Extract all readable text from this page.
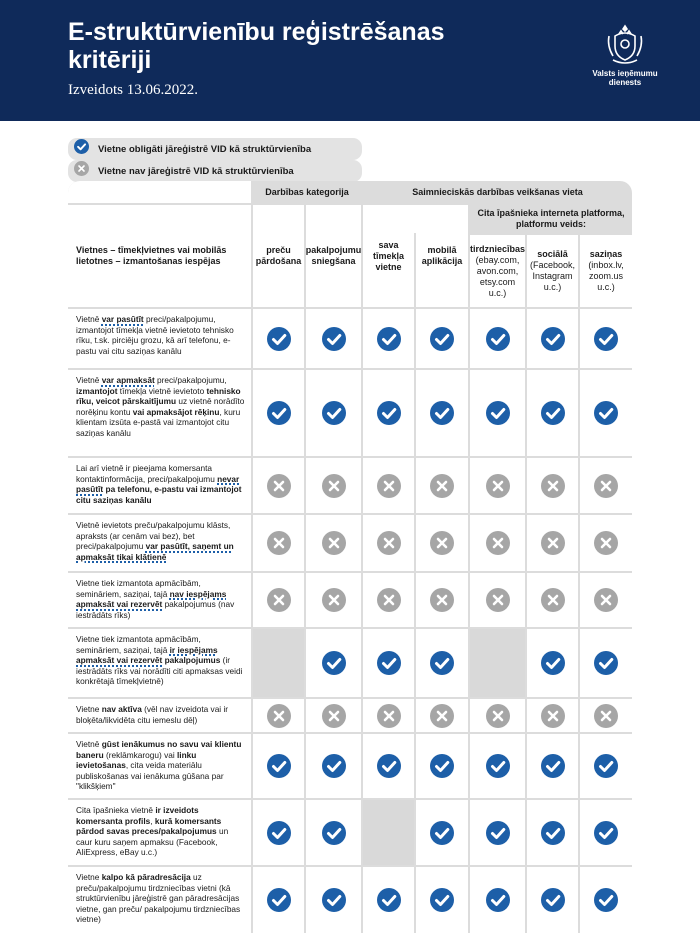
E-struktūrvienību reģistrēšanas kritēriji
Izveidots 13.06.2022.
Valsts ieņēmumu dienests
Vietne obligāti jāreģistrē VID kā struktūrvienība
Vietne nav jāreģistrē VID kā struktūrvienība
Darbības kategorija	Saimnieciskās darbības veikšanas vieta
Cita īpašnieka interneta platforma, platformu veids:
Vietnes – tīmekļvietnes vai mobilās lietotnes – izmantošanas iespējas
preču pārdošana
pakalpojumu sniegšana
sava tīmekļa vietne
mobilā aplikācija
tirdzniecības
(ebay.com, avon.com, etsy.com u.c.)
sociālā
(Facebook, Instagram u.c.)
saziņas
(inbox.lv, zoom.us u.c.)
Vietnē var pasūtīt preci/pakalpojumu, izmantojot tīmekļa vietnē ievietoto tehnisko rīku, t.sk. pirciēju grozu, kā arī telefonu, e-pastu vai citu saziņas kanālu
Vietnē var apmaksāt preci/pakalpojumu, izmantojot tīmekļa vietnē ievietoto tehnisko rīku, veicot pārskaitījumu uz vietnē norādīto norēķinu kontu vai apmaksājot rēķinu, kuru klientam izsūta e-pastā vai izmantojot citu saziņas kanālu
Lai arī vietnē ir pieejama komersanta kontaktinformācija, preci/pakalpojumu nevar pasūtīt pa telefonu, e-pastu vai izmantojot citu saziņas kanālu
Vietnē ievietots preču/pakalpojumu klāsts, apraksts (ar cenām vai bez), bet preci/pakalpojumu var pasūtīt, saņemt un apmaksāt tikai klātienē
Vietne tiek izmantota apmācībām, semināriem, saziņai, tajā nav iespējams apmaksāt vai rezervēt pakalpojumus (nav iestrādāts rīks)
Vietne tiek izmantota apmācībām, semināriem, saziņai, tajā ir iespējams apmaksāt vai rezervēt pakalpojumus (ir iestrādāts rīks vai norādīti citi apmaksas veidi konkrētajā tīmekļvietnē)
Vietne nav aktīva (vēl nav izveidota vai ir bloķēta/likvidēta citu iemeslu dēļ)
Vietnē gūst ienākumus no savu vai klientu baneru (reklāmkarogu) vai linku ievietošanas, cita veida materiālu publiskošanas vai ienākuma gūšana par "klikšķiem"
Cita īpašnieka vietnē ir izveidots komersanta profils, kurā komersants pārdod savas preces/pakalpojumus un caur kuru saņem apmaksu (Facebook, AliExpress, eBay u.c.)
Vietne kalpo kā pāradresācija uz preču/pakalpojumu tirdzniecības vietni (kā struktūrvienību jāreģistrē gan pāradresācijas vietne, gan preču/ pakalpojumu tirdzniecības vietne)
